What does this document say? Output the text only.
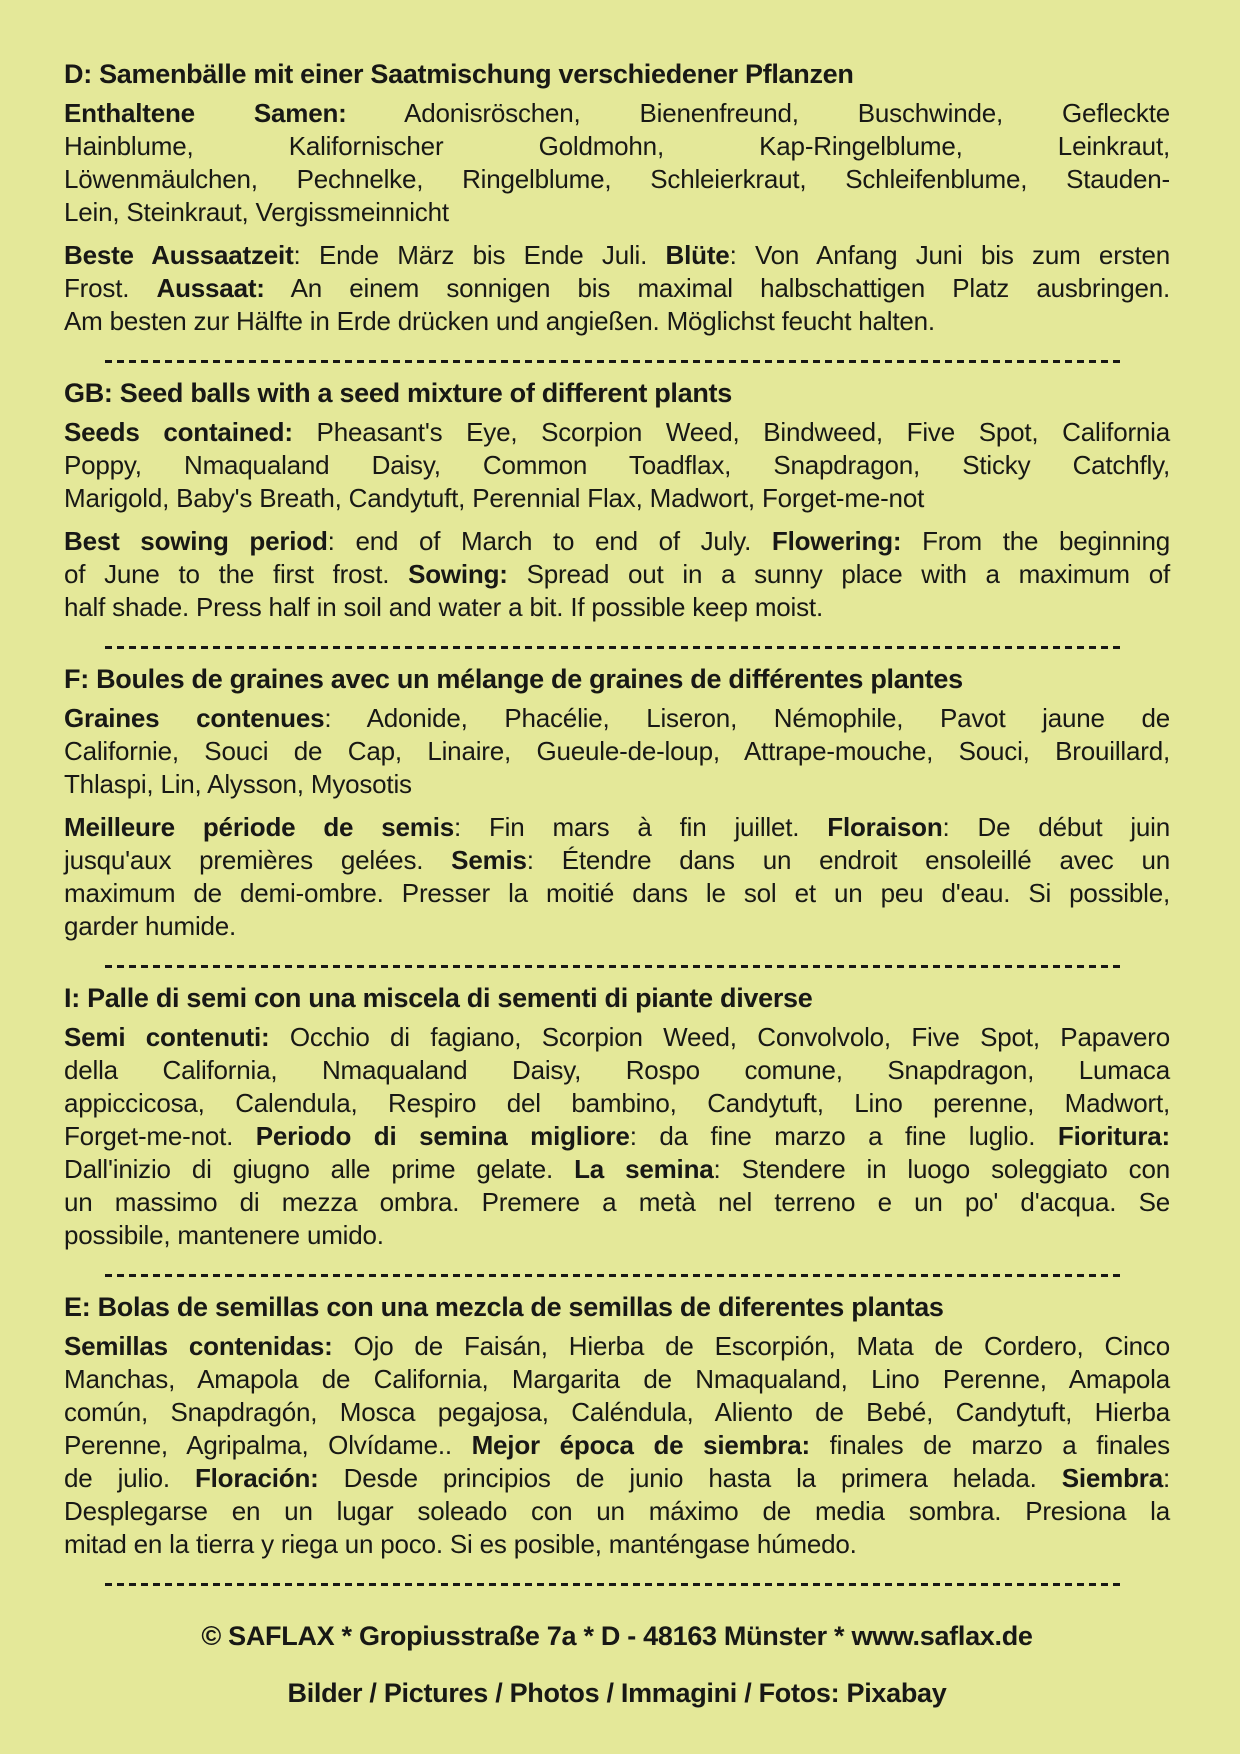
D: Samenbälle mit einer Saatmischung verschiedener Pflanzen
Enthaltene Samen: Adonisröschen, Bienenfreund, Buschwinde, Gefleckte
Hainblume, Kalifornischer Goldmohn, Kap-Ringelblume, Leinkraut,
Löwenmäulchen, Pechnelke, Ringelblume, Schleierkraut, Schleifenblume, Stauden-
Lein, Steinkraut, Vergissmeinnicht
Beste Aussaatzeit: Ende März bis Ende Juli. Blüte: Von Anfang Juni bis zum ersten
Frost. Aussaat: An einem sonnigen bis maximal halbschattigen Platz ausbringen.
Am besten zur Hälfte in Erde drücken und angießen. Möglichst feucht halten.
GB: Seed balls with a seed mixture of different plants
Seeds contained: Pheasant's Eye, Scorpion Weed, Bindweed, Five Spot, California
Poppy, Nmaqualand Daisy, Common Toadflax, Snapdragon, Sticky Catchfly,
Marigold, Baby's Breath, Candytuft, Perennial Flax, Madwort, Forget-me-not
Best sowing period: end of March to end of July. Flowering: From the beginning
of June to the first frost. Sowing: Spread out in a sunny place with a maximum of
half shade. Press half in soil and water a bit. If possible keep moist.
F: Boules de graines avec un mélange de graines de différentes plantes
Graines contenues: Adonide, Phacélie, Liseron, Némophile, Pavot jaune de
Californie, Souci de Cap, Linaire, Gueule-de-loup, Attrape-mouche, Souci, Brouillard,
Thlaspi, Lin, Alysson, Myosotis
Meilleure période de semis: Fin mars à fin juillet. Floraison: De début juin
jusqu'aux premières gelées. Semis: Étendre dans un endroit ensoleillé avec un
maximum de demi-ombre. Presser la moitié dans le sol et un peu d'eau. Si possible,
garder humide.
I: Palle di semi con una miscela di sementi di piante diverse
Semi contenuti: Occhio di fagiano, Scorpion Weed, Convolvolo, Five Spot, Papavero
della California, Nmaqualand Daisy, Rospo comune, Snapdragon, Lumaca
appiccicosa, Calendula, Respiro del bambino, Candytuft, Lino perenne, Madwort,
Forget-me-not. Periodo di semina migliore: da fine marzo a fine luglio. Fioritura:
Dall'inizio di giugno alle prime gelate. La semina: Stendere in luogo soleggiato con
un massimo di mezza ombra. Premere a metà nel terreno e un po' d'acqua. Se
possibile, mantenere umido.
E: Bolas de semillas con una mezcla de semillas de diferentes plantas
Semillas contenidas: Ojo de Faisán, Hierba de Escorpión, Mata de Cordero, Cinco
Manchas, Amapola de California, Margarita de Nmaqualand, Lino Perenne, Amapola
común, Snapdragón, Mosca pegajosa, Caléndula, Aliento de Bebé, Candytuft, Hierba
Perenne, Agripalma, Olvídame.. Mejor época de siembra: finales de marzo a finales
de julio. Floración: Desde principios de junio hasta la primera helada. Siembra:
Desplegarse en un lugar soleado con un máximo de media sombra. Presiona la
mitad en la tierra y riega un poco. Si es posible, manténgase húmedo.
© SAFLAX * Gropiusstraße 7a * D - 48163 Münster * www.saflax.de
Bilder / Pictures / Photos / Immagini / Fotos: Pixabay
